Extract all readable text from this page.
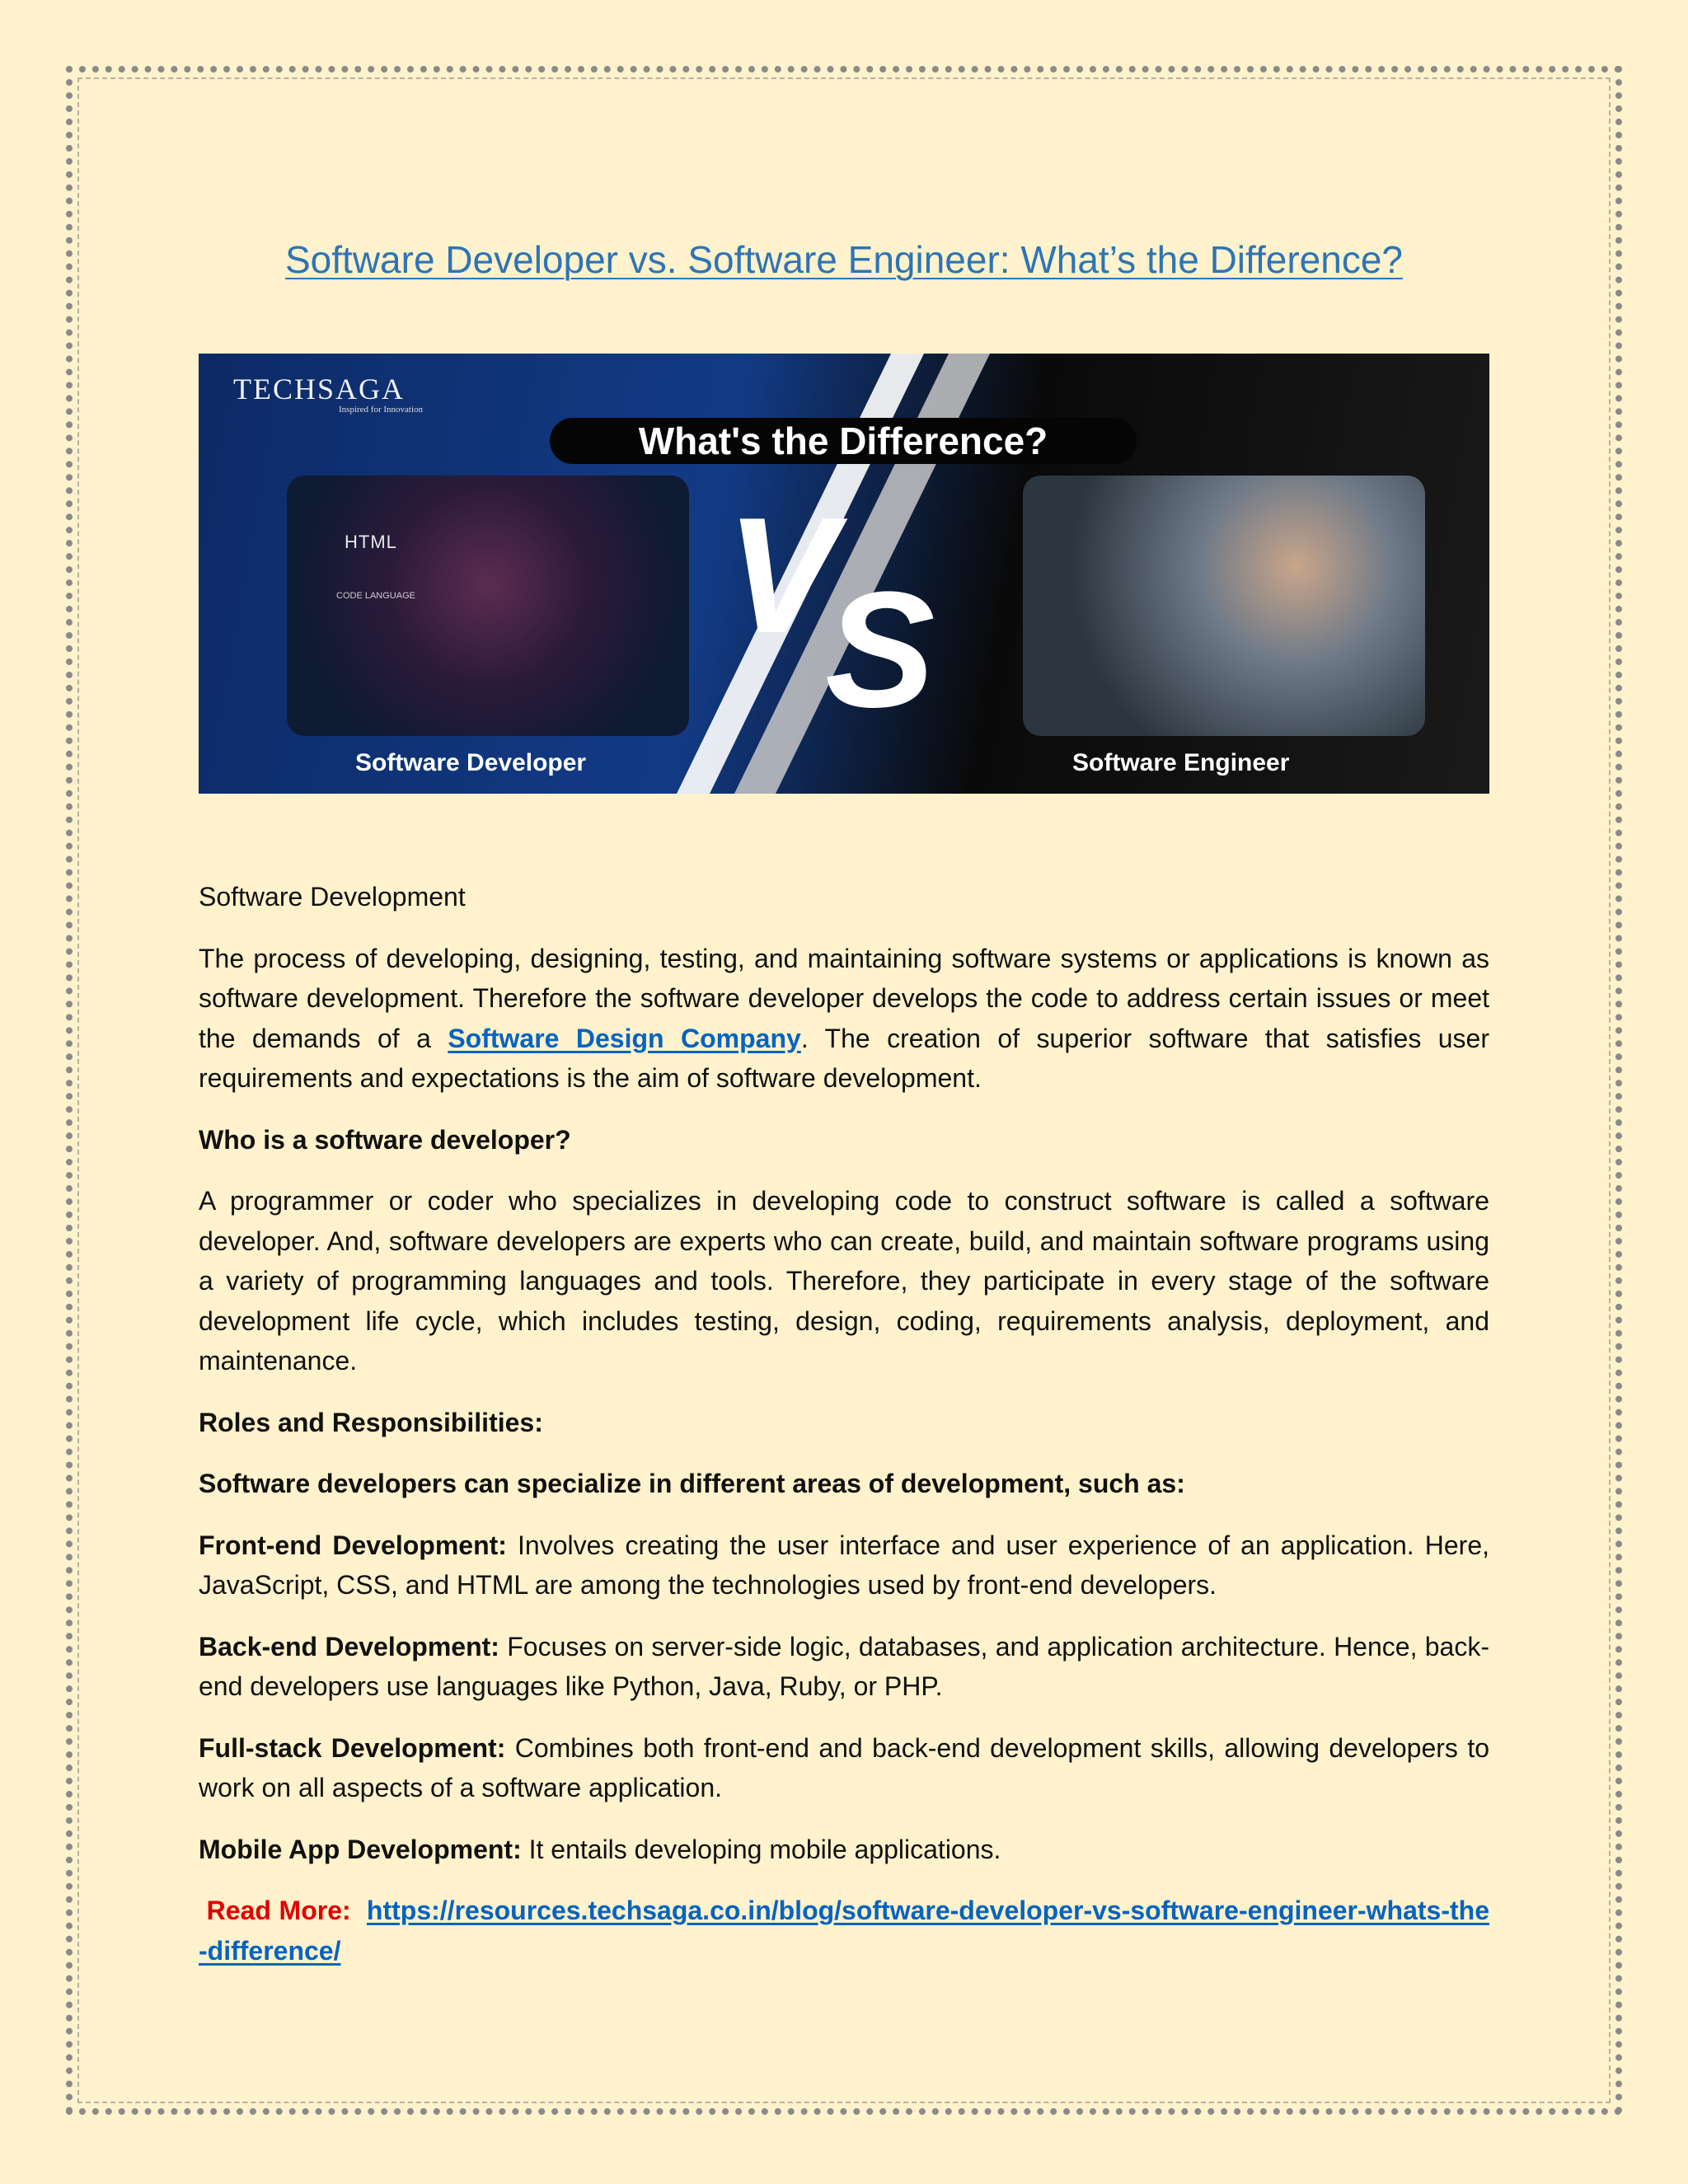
Software Developer vs. Software Engineer: What’s the Difference?
HTML
CODE LANGUAGE
TECHSAGA
Inspired for Innovation
What's the Difference?
V
S
Software Developer	Software Engineer

Software Development

The process of developing, designing, testing, and maintaining software systems or applications is known as software development. Therefore the software developer develops the code to address certain issues or meet the demands of a Software Design Company. The creation of superior software that satisfies user requirements and expectations is the aim of software development.

Who is a software developer?

A programmer or coder who specializes in developing code to construct software is called a software developer. And, software developers are experts who can create, build, and maintain software programs using a variety of programming languages and tools. Therefore, they participate in every stage of the software development life cycle, which includes testing, design, coding, requirements analysis, deployment, and maintenance.

Roles and Responsibilities:

Software developers can specialize in different areas of development, such as:

Front-end Development: Involves creating the user interface and user experience of an application. Here, JavaScript, CSS, and HTML are among the technologies used by front-end developers.

Back-end Development: Focuses on server-side logic, databases, and application architecture. Hence, back-end developers use languages like Python, Java, Ruby, or PHP.

Full-stack Development: Combines both front-end and back-end development skills, allowing developers to work on all aspects of a software application.

Mobile App Development: It entails developing mobile applications.

Read More: https://resources.techsaga.co.in/blog/software-developer-vs-software-engineer-whats-the-difference/
